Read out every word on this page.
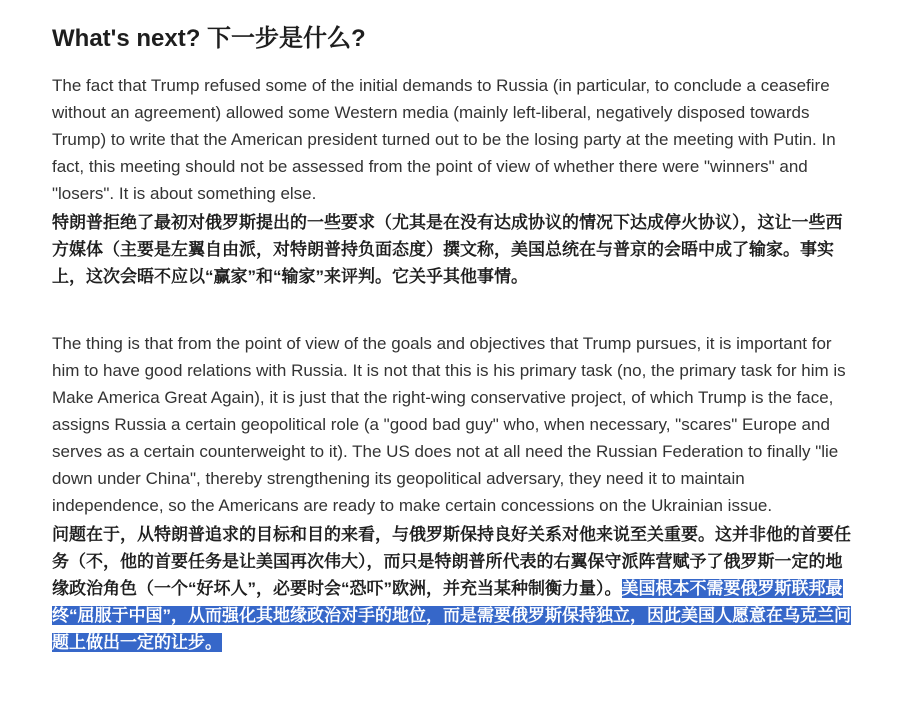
What's next? 下一步是什么?

The fact that Trump refused some of the initial demands to Russia (in particular, to conclude a ceasefire without an agreement) allowed some Western media (mainly left-liberal, negatively disposed towards Trump) to write that the American president turned out to be the losing party at the meeting with Putin. In fact, this meeting should not be assessed from the point of view of whether there were "winners" and "losers". It is about something else.

特朗普拒绝了最初对俄罗斯提出的一些要求（尤其是在没有达成协议的情况下达成停火协议），这让一些西方媒体（主要是左翼自由派，对特朗普持负面态度）撰文称，美国总统在与普京的会晤中成了输家。事实上，这次会晤不应以“赢家”和“输家”来评判。它关乎其他事情。

The thing is that from the point of view of the goals and objectives that Trump pursues, it is important for him to have good relations with Russia. It is not that this is his primary task (no, the primary task for him is Make America Great Again), it is just that the right-wing conservative project, of which Trump is the face, assigns Russia a certain geopolitical role (a "good bad guy" who, when necessary, "scares" Europe and serves as a certain counterweight to it). The US does not at all need the Russian Federation to finally "lie down under China", thereby strengthening its geopolitical adversary, they need it to maintain independence, so the Americans are ready to make certain concessions on the Ukrainian issue.

问题在于，从特朗普追求的目标和目的来看，与俄罗斯保持良好关系对他来说至关重要。这并非他的首要任务（不，他的首要任务是让美国再次伟大），而只是特朗普所代表的右翼保守派阵营赋予了俄罗斯一定的地缘政治角色（一个“好坏人”，必要时会“恐吓”欧洲，并充当某种制衡力量）。美国根本不需要俄罗斯联邦最终“屈服于中国”，从而强化其地缘政治对手的地位，而是需要俄罗斯保持独立，因此美国人愿意在乌克兰问题上做出一定的让步。
